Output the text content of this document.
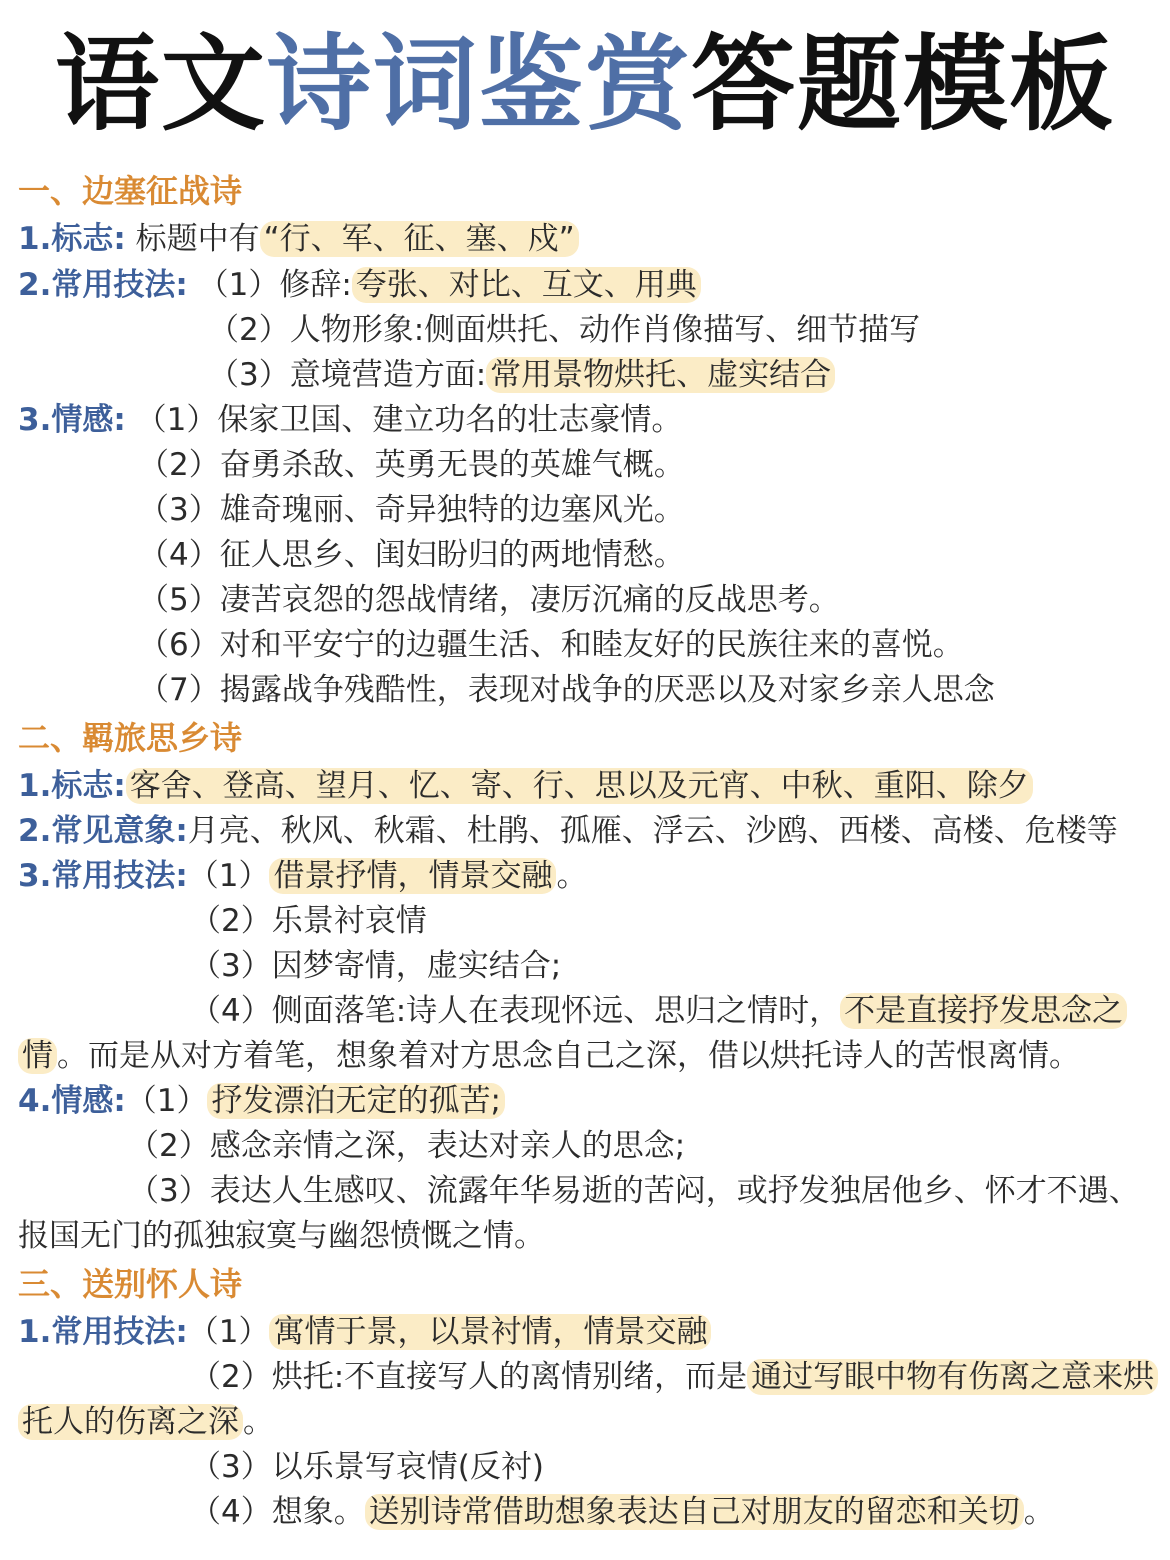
语文诗词鉴赏答题模板
一、边塞征战诗
1.标志: 标题中有 “行、军、征、塞、戍”
2.常用技法: （1）修辞: 夸张、对比、互文、用典
（2）人物形象:侧面烘托、动作肖像描写、细节描写
（3）意境营造方面: 常用景物烘托、虚实结合
3.情感: （1）保家卫国、建立功名的壮志豪情。
（2）奋勇杀敌、英勇无畏的英雄气概。
（3）雄奇瑰丽、奇异独特的边塞风光。
（4）征人思乡、闺妇盼归的两地情愁。
（5）凄苦哀怨的怨战情绪，凄厉沉痛的反战思考。
（6）对和平安宁的边疆生活、和睦友好的民族往来的喜悦。
（7）揭露战争残酷性，表现对战争的厌恶以及对家乡亲人思念
二、羁旅思乡诗
1.标志: 客舍、登高、望月、忆、寄、行、思以及元宵、中秋、重阳、除夕
2.常见意象:月亮、秋风、秋霜、杜鹃、孤雁、浮云、沙鸥、西楼、高楼、危楼等
3.常用技法:（1） 借景抒情，情景交融 。
（2）乐景衬哀情
（3）因梦寄情，虚实结合;
（4）侧面落笔:诗人在表现怀远、思归之情时， 不是直接抒发思念之
情 。而是从对方着笔，想象着对方思念自己之深，借以烘托诗人的苦恨离情。
4.情感:（1） 抒发漂泊无定的孤苦;
（2）感念亲情之深，表达对亲人的思念;
（3）表达人生感叹、流露年华易逝的苦闷，或抒发独居他乡、怀才不遇、
报国无门的孤独寂寞与幽怨愤慨之情。
三、送别怀人诗
1.常用技法:（1） 寓情于景，以景衬情，情景交融
（2）烘托:不直接写人的离情别绪，而是 通过写眼中物有伤离之意来烘
托人的伤离之深 。
（3）以乐景写哀情(反衬)
（4）想象。 送别诗常借助想象表达自己对朋友的留恋和关切 。
